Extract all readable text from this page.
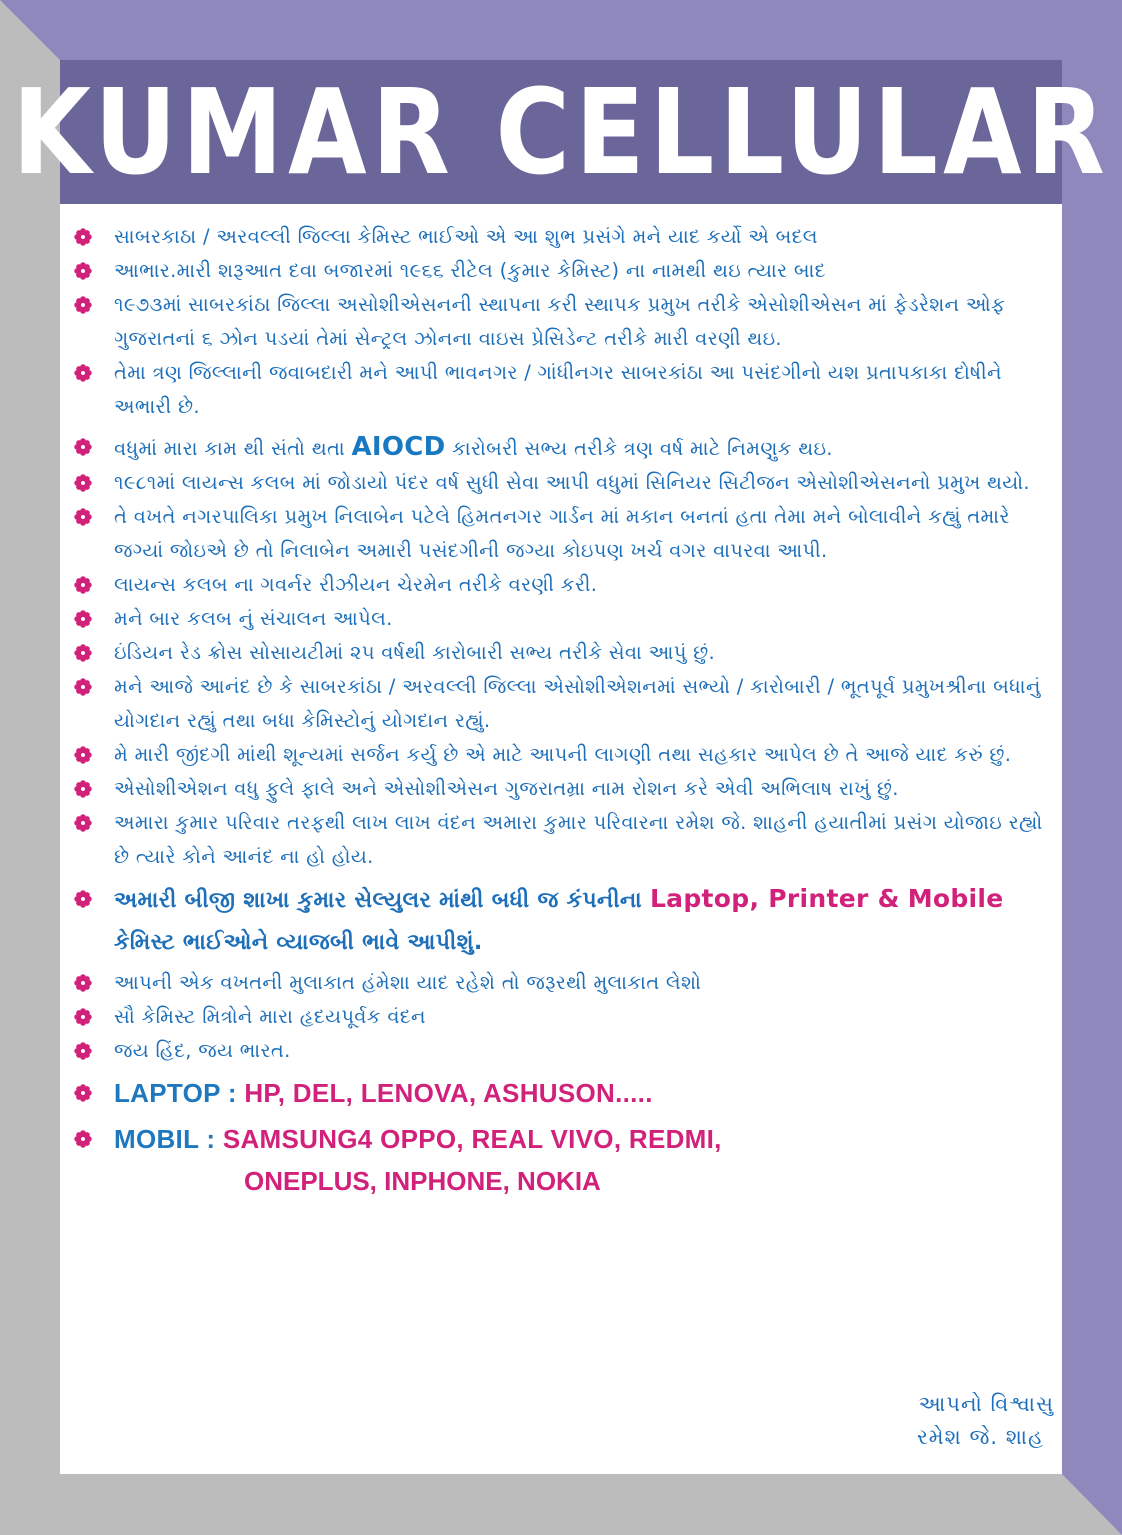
KUMAR CELLULAR
સાબરકાઠા / અરવલ્લી જિલ્લા કેમિસ્ટ ભાઈઓ એ આ શુભ પ્રસંગે મને યાદ કર્યો એ બદલ
આભાર.મારી શરૂઆત દવા બજારમાં ૧૯૬૬ રીટેલ (કુમાર કેમિસ્ટ) ના નામથી થઇ ત્યાર બાદ
૧૯૭૩માં સાબરકાંઠા જિલ્લા અસોશીએસનની સ્થાપના કરી સ્થાપક પ્રમુખ તરીકે એસોશીએસન માં ફેડરેશન ઓફ ગુજરાતનાં ૬ ઝોન પડયાં તેમાં સેન્ટ્રલ ઝોનના વાઇસ પ્રેસિડેન્ટ તરીકે મારી વરણી થઇ.
તેમા ત્રણ જિલ્લાની જવાબદારી મને આપી ભાવનગર / ગાંધીનગર સાબરકાંઠા આ પસંદગીનો યશ પ્રતાપકાકા દોષીને અભારી છે.
વધુમાં મારા કામ થી સંતો થતા AIOCD કારોબરી સભ્ય તરીકે ત્રણ વર્ષ માટે નિમણુક થઇ.
૧૯૮૧માં લાયન્સ કલબ માં જોડાયો પંદર વર્ષ સુધી સેવા આપી વધુમાં સિનિયર સિટીજન એસોશીએસનનો પ્રમુખ થયો.
તે વખતે નગરપાલિકા પ્રમુખ નિલાબેન પટેલે હિમતનગર ગાર્ડન માં મકાન બનતાં હતા તેમા મને બોલાવીને કહ્યું તમારે જગ્યાં જોઇએ છે તો નિલાબેન અમારી પસંદગીની જગ્યા કોઇપણ ખર્ચ વગર વાપરવા આપી.
લાયન્સ કલબ ના ગવર્નર રીઝીયન ચેરમેન તરીકે વરણી કરી.
મને બાર કલબ નું સંચાલન આપેલ.
ઇંડિયન રેડ ક્રોસ સોસાયટીમાં ૨૫ વર્ષથી કારોબારી સભ્ય તરીકે સેવા આપું છું.
મને આજે આનંદ છે કે સાબરકાંઠા / અરવલ્લી જિલ્લા એસોશીએશનમાં સભ્યો / કારોબારી / ભૂતપૂર્વ પ્રમુખશ્રીના બધાનું યોગદાન રહ્યું તથા બધા કેમિસ્ટોનું યોગદાન રહ્યું.
મે મારી જીંદગી માંથી શૂન્યમાં સર્જન કર્યુ છે એ માટે આપની લાગણી તથા સહકાર આપેલ છે તે આજે યાદ કરું છું.
એસોશીએશન વધુ ફુલે ફાલે અને એસોશીએસન ગુજરાતમ્રા નામ રોશન કરે એવી અભિલાષ રાખું છું.
અમારા કુમાર પરિવાર તરફથી લાખ લાખ વંદન અમારા કુમાર પરિવારના રમેશ જે. શાહની હયાતીમાં પ્રસંગ યોજાઇ રહ્યો છે ત્યારે કોને આનંદ ના હો હોય.
અમારી બીજી શાખા કુમાર સેલ્યુલર માંથી બધી જ કંપનીના Laptop, Printer & Mobile કેમિસ્ટ ભાઈઓને વ્યાજબી ભાવે આપીશું.
આપની એક વખતની મુલાકાત હંમેશા યાદ રહેશે તો જરૂરથી મુલાકાત લેશો
સૌ કેમિસ્ટ મિત્રોને મારા હૃદયપૂર્વક વંદન
જય હિંદ, જય ભારત.
LAPTOP : HP, DEL, LENOVA, ASHUSON.....
MOBIL : SAMSUNG4 OPPO, REAL VIVO, REDMI,
ONEPLUS, INPHONE, NOKIA
આપનો વિશ્વાસુ
રમેશ જે. શાહ
